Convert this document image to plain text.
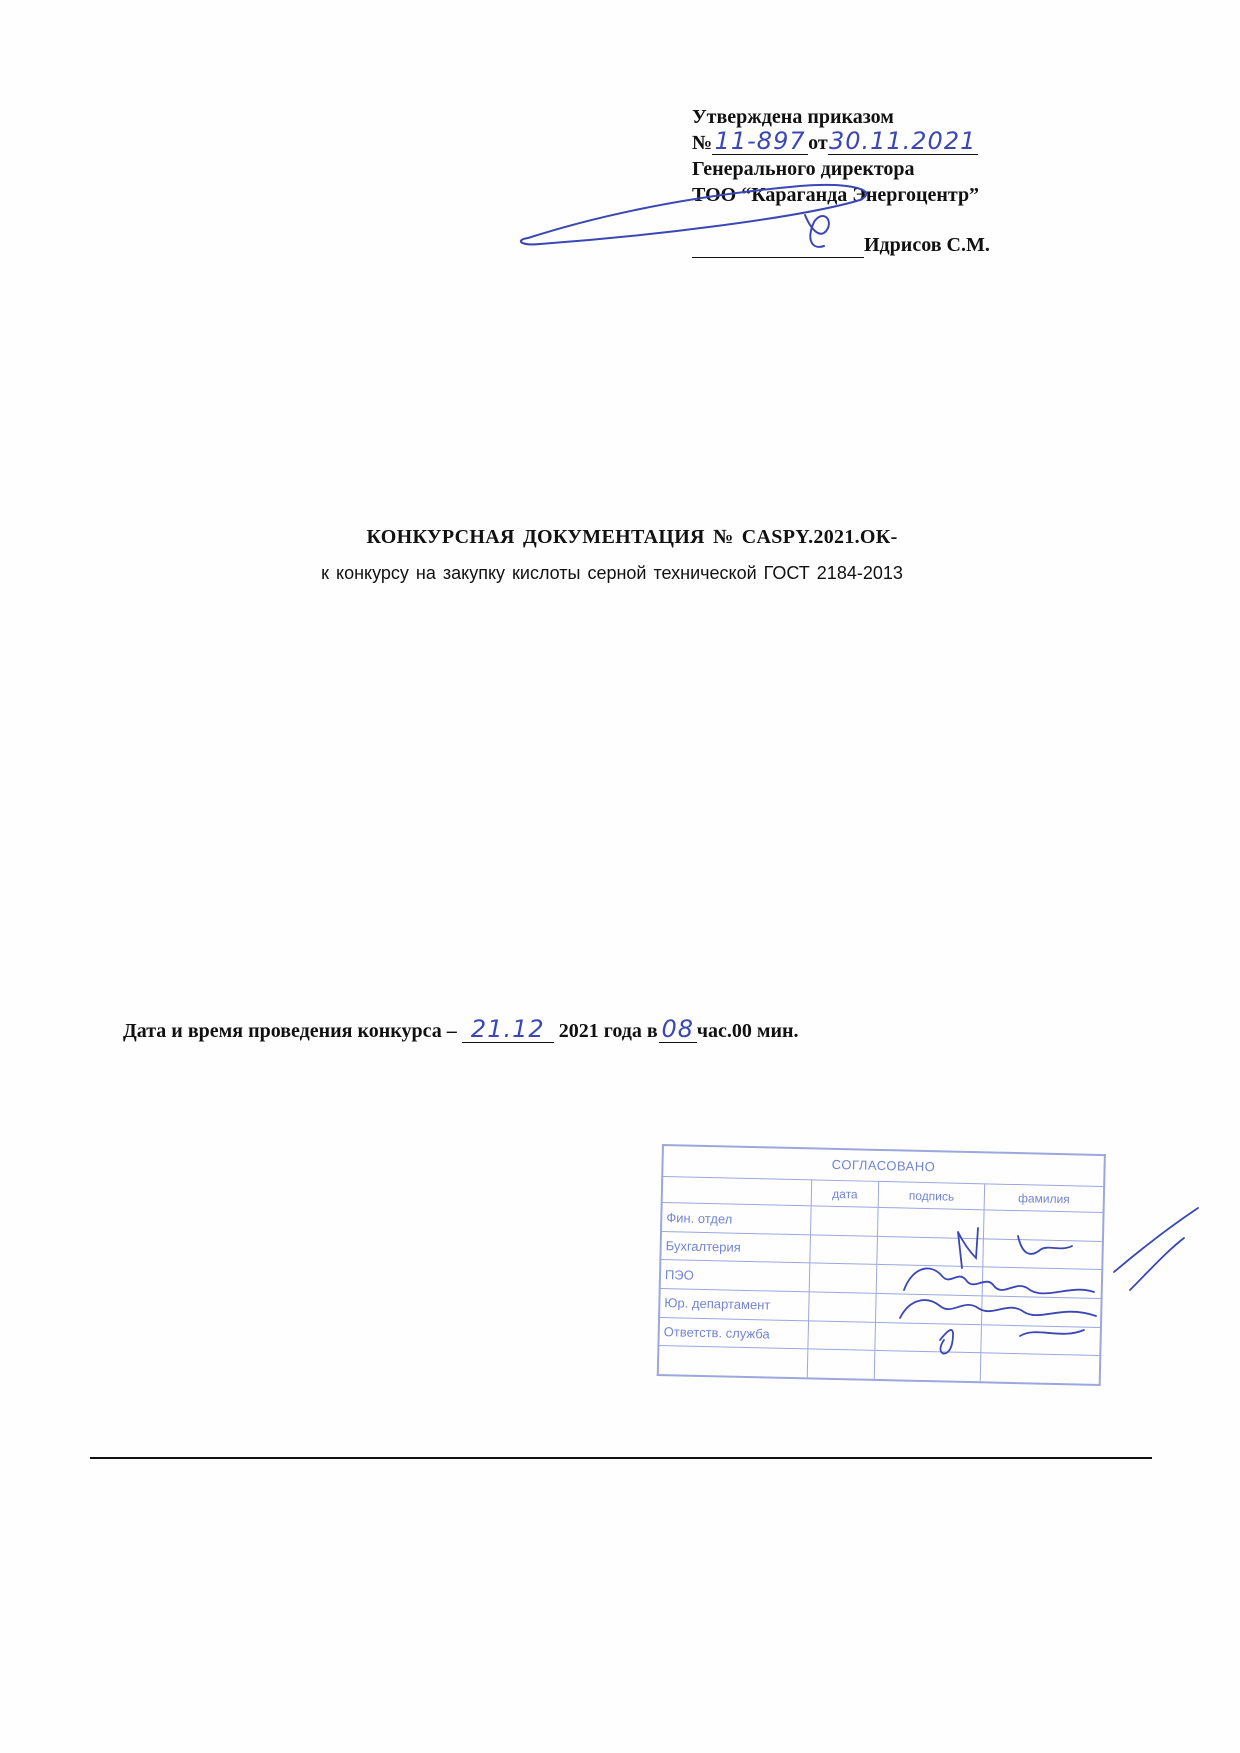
Утверждена приказом
№ 11-897 от30.11.2021
Генерального директора
ТОО “Караганда Энергоцентр”
Идрисов С.М.
КОНКУРСНАЯ ДОКУМЕНТАЦИЯ № CASPY.2021.ОК-
к конкурсу на закупку кислоты серной технической ГОСТ 2184-2013
Дата и время проведения конкурса – 21.12 2021 года в 08 час.00 мин.
СОГЛАСОВАНО			
	дата	подпись	фамилия
Фин. отдел			
Бухгалтерия			
ПЭО			
Юр. департамент			
Ответств. служба			
